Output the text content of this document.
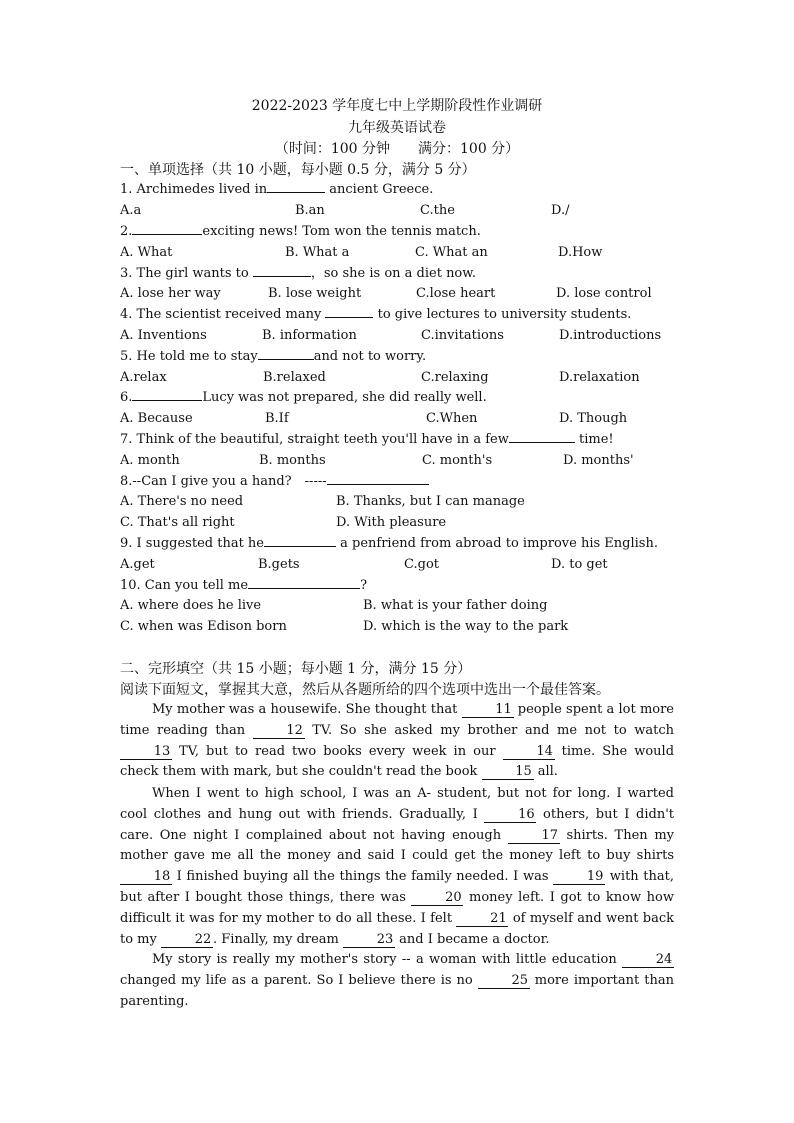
2022-2023 学年度七中上学期阶段性作业调研
九年级英语试卷
（时间：100 分钟　　满分：100 分）
一、单项选择（共 10 小题，每小题 0.5 分，满分 5 分）
1. Archimedes lived in	ancient Greece.
A.a	B.an	C.the	D./
2.	exciting news! Tom won the tennis match.
A. What	B. What a	C. What an	D.How
3. The girl wants to	，so she is on a diet now.
A. lose her way	B. lose weight	C.lose heart	D. lose control
4. The scientist received many	to give lectures to university students.
A. Inventions	B. information	C.invitations	D.introductions
5. He told me to stay	and not to worry.
A.relax	B.relaxed	C.relaxing	D.relaxation
6.	Lucy was not prepared, she did really well.
A. Because	B.If	C.When	D. Though
7. Think of the beautiful, straight teeth you'll have in a few	time!
A. month	B. months	C. month's	D. months'
8.--Can I give you a hand?　-----
A. There's no need	B. Thanks, but I can manage
C. That's all right	D. With pleasure
9. I suggested that he	a penfriend from abroad to improve his English.
A.get	B.gets	C.got	D. to get
10. Can you tell me	?
A. where does he live	B. what is your father doing
C. when was Edison born	D. which is the way to the park
二、完形填空（共 15 小题；每小题 1 分，满分 15 分）
阅读下面短文，掌握其大意，然后从各题所给的四个选项中选出一个最佳答案。
My mother was a housewife. She thought that	11 people spent a lot more time reading than	12 TV. So she asked my brother and me not to watch 13 TV, but to read two books every week in our	14 time. She would check them with mark, but she couldn't read the book	15 all.
When I went to high school, I was an A- student, but not for long. I warted cool clothes and hung out with friends. Gradually, I	16 others, but I didn't care. One night I complained about not having enough	17 shirts. Then my mother gave me all the money and said I could get the money left to buy shirts 18 I finished buying all the things the family needed. I was	19 with that, but after I bought those things, there was	20 money left. I got to know how difficult it was for my mother to do all these. I felt	21 of myself and went back to my	22 . Finally, my dream	23 and I became a doctor.
My story is really my mother's story -- a woman with little education	24 changed my life as a parent. So I believe there is no	25 more important than parenting.
